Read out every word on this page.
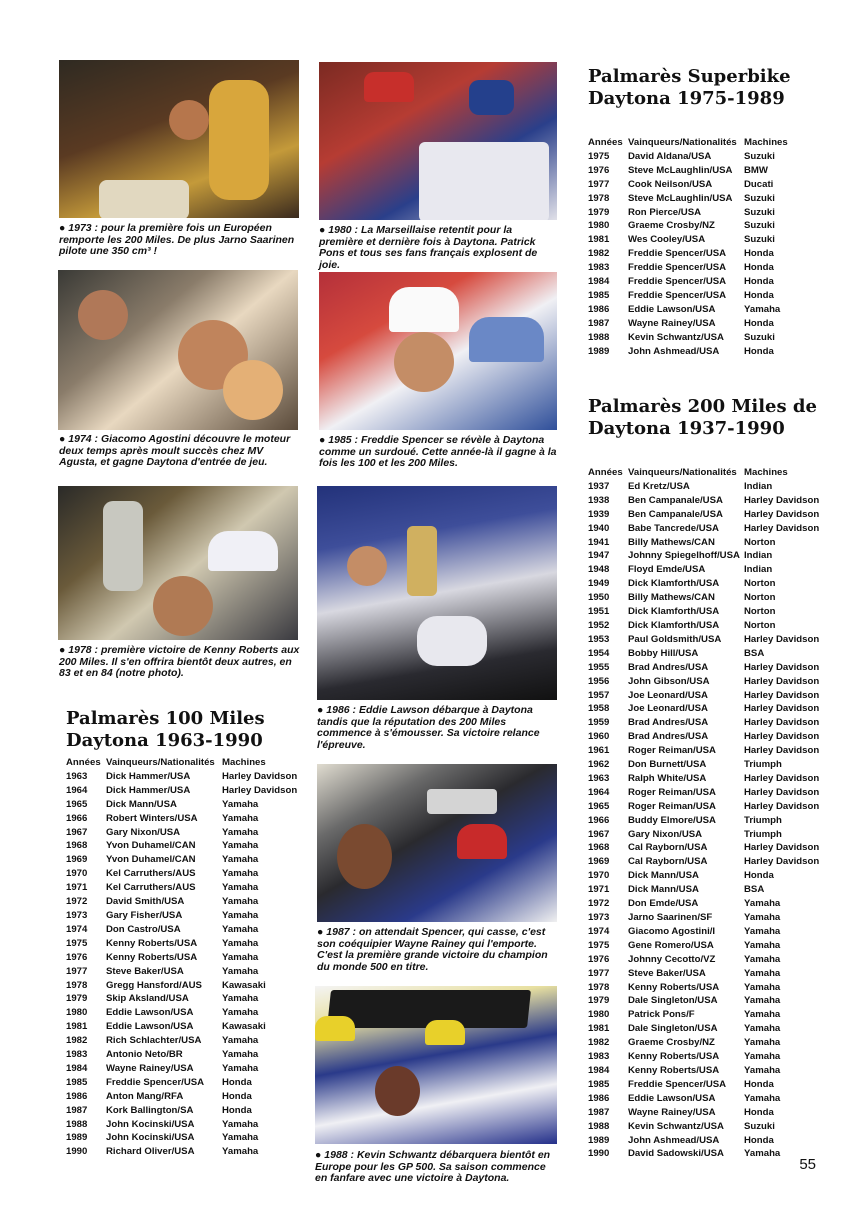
● 1973 : pour la première fois un Européen remporte les 200 Miles. De plus Jarno Saarinen pilote une 350 cm³ !
● 1980 : La Marseillaise retentit pour la première et dernière fois à Daytona. Patrick Pons et tous ses fans français explosent de joie.
● 1974 : Giacomo Agostini découvre le moteur deux temps après moult succès chez MV Agusta, et gagne Daytona d'entrée de jeu.
● 1985 : Freddie Spencer se révèle à Daytona comme un surdoué. Cette année-là il gagne à la fois les 100 et les 200 Miles.
● 1978 : première victoire de Kenny Roberts aux 200 Miles. Il s'en offrira bientôt deux autres, en 83 et en 84 (notre photo).
● 1986 : Eddie Lawson débarque à Daytona tandis que la réputation des 200 Miles commence à s'émousser. Sa victoire relance l'épreuve.
● 1987 : on attendait Spencer, qui casse, c'est son coéquipier Wayne Rainey qui l'emporte. C'est la première grande victoire du champion du monde 500 en titre.
● 1988 : Kevin Schwantz débarquera bientôt en Europe pour les GP 500. Sa saison commence en fanfare avec une victoire à Daytona.
Palmarès 100 Miles Daytona 1963-1990
Années	Vainqueurs/Nationalités	Machines
1963	Dick Hammer/USA	Harley Davidson
1964	Dick Hammer/USA	Harley Davidson
1965	Dick Mann/USA	Yamaha
1966	Robert Winters/USA	Yamaha
1967	Gary Nixon/USA	Yamaha
1968	Yvon Duhamel/CAN	Yamaha
1969	Yvon Duhamel/CAN	Yamaha
1970	Kel Carruthers/AUS	Yamaha
1971	Kel Carruthers/AUS	Yamaha
1972	David Smith/USA	Yamaha
1973	Gary Fisher/USA	Yamaha
1974	Don Castro/USA	Yamaha
1975	Kenny Roberts/USA	Yamaha
1976	Kenny Roberts/USA	Yamaha
1977	Steve Baker/USA	Yamaha
1978	Gregg Hansford/AUS	Kawasaki
1979	Skip Aksland/USA	Yamaha
1980	Eddie Lawson/USA	Yamaha
1981	Eddie Lawson/USA	Kawasaki
1982	Rich Schlachter/USA	Yamaha
1983	Antonio Neto/BR	Yamaha
1984	Wayne Rainey/USA	Yamaha
1985	Freddie Spencer/USA	Honda
1986	Anton Mang/RFA	Honda
1987	Kork Ballington/SA	Honda
1988	John Kocinski/USA	Yamaha
1989	John Kocinski/USA	Yamaha
1990	Richard Oliver/USA	Yamaha
Palmarès Superbike Daytona 1975-1989
Années	Vainqueurs/Nationalités	Machines
1975	David Aldana/USA	Suzuki
1976	Steve McLaughlin/USA	BMW
1977	Cook Neilson/USA	Ducati
1978	Steve McLaughlin/USA	Suzuki
1979	Ron Pierce/USA	Suzuki
1980	Graeme Crosby/NZ	Suzuki
1981	Wes Cooley/USA	Suzuki
1982	Freddie Spencer/USA	Honda
1983	Freddie Spencer/USA	Honda
1984	Freddie Spencer/USA	Honda
1985	Freddie Spencer/USA	Honda
1986	Eddie Lawson/USA	Yamaha
1987	Wayne Rainey/USA	Honda
1988	Kevin Schwantz/USA	Suzuki
1989	John Ashmead/USA	Honda
Palmarès 200 Miles de Daytona 1937-1990
Années	Vainqueurs/Nationalités	Machines
1937	Ed Kretz/USA	Indian
1938	Ben Campanale/USA	Harley Davidson
1939	Ben Campanale/USA	Harley Davidson
1940	Babe Tancrede/USA	Harley Davidson
1941	Billy Mathews/CAN	Norton
1947	Johnny Spiegelhoff/USA	Indian
1948	Floyd Emde/USA	Indian
1949	Dick Klamforth/USA	Norton
1950	Billy Mathews/CAN	Norton
1951	Dick Klamforth/USA	Norton
1952	Dick Klamforth/USA	Norton
1953	Paul Goldsmith/USA	Harley Davidson
1954	Bobby Hill/USA	BSA
1955	Brad Andres/USA	Harley Davidson
1956	John Gibson/USA	Harley Davidson
1957	Joe Leonard/USA	Harley Davidson
1958	Joe Leonard/USA	Harley Davidson
1959	Brad Andres/USA	Harley Davidson
1960	Brad Andres/USA	Harley Davidson
1961	Roger Reiman/USA	Harley Davidson
1962	Don Burnett/USA	Triumph
1963	Ralph White/USA	Harley Davidson
1964	Roger Reiman/USA	Harley Davidson
1965	Roger Reiman/USA	Harley Davidson
1966	Buddy Elmore/USA	Triumph
1967	Gary Nixon/USA	Triumph
1968	Cal Rayborn/USA	Harley Davidson
1969	Cal Rayborn/USA	Harley Davidson
1970	Dick Mann/USA	Honda
1971	Dick Mann/USA	BSA
1972	Don Emde/USA	Yamaha
1973	Jarno Saarinen/SF	Yamaha
1974	Giacomo Agostini/I	Yamaha
1975	Gene Romero/USA	Yamaha
1976	Johnny Cecotto/VZ	Yamaha
1977	Steve Baker/USA	Yamaha
1978	Kenny Roberts/USA	Yamaha
1979	Dale Singleton/USA	Yamaha
1980	Patrick Pons/F	Yamaha
1981	Dale Singleton/USA	Yamaha
1982	Graeme Crosby/NZ	Yamaha
1983	Kenny Roberts/USA	Yamaha
1984	Kenny Roberts/USA	Yamaha
1985	Freddie Spencer/USA	Honda
1986	Eddie Lawson/USA	Yamaha
1987	Wayne Rainey/USA	Honda
1988	Kevin Schwantz/USA	Suzuki
1989	John Ashmead/USA	Honda
1990	David Sadowski/USA	Yamaha
55
